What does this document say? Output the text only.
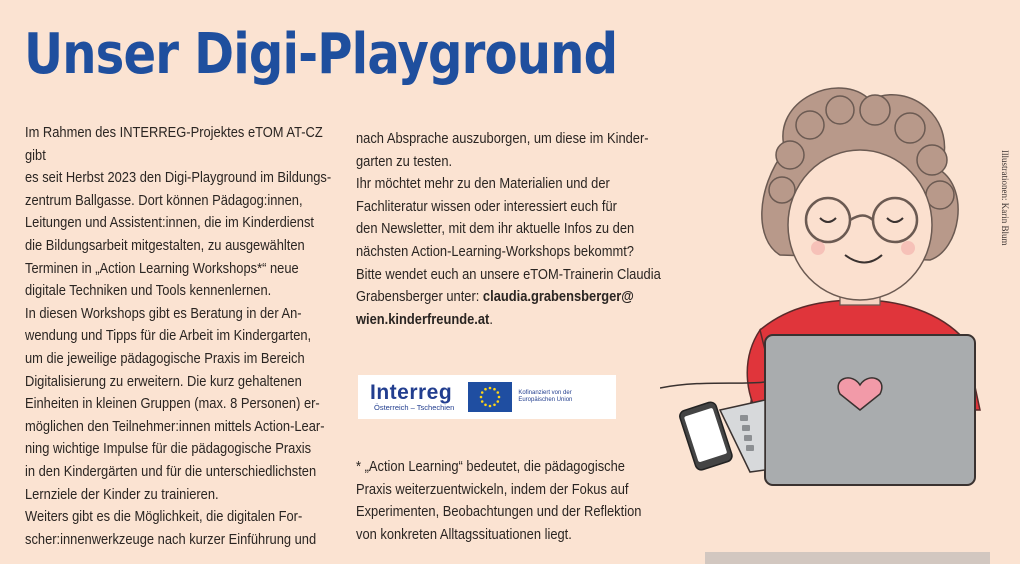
Unser Digi-Playground

Im Rahmen des INTERREG-Projektes eTOM AT-CZ gibt

es seit Herbst 2023 den Digi-Playground im Bildungs-

zentrum Ballgasse. Dort können Pädagog:innen,

Leitungen und Assistent:innen, die im Kinderdienst

die Bildungsarbeit mitgestalten, zu ausgewählten

Terminen in „Action Learning Workshops*“ neue

digitale Techniken und Tools kennenlernen.

In diesen Workshops gibt es Beratung in der An-

wendung und Tipps für die Arbeit im Kindergarten,

um die jeweilige pädagogische Praxis im Bereich

Digitalisierung zu erweitern. Die kurz gehaltenen

Einheiten in kleinen Gruppen (max. 8 Personen) er-

möglichen den Teilnehmer:innen mittels Action-Lear-

ning wichtige Impulse für die pädagogische Praxis

in den Kindergärten und für die unterschiedlichsten

Lernziele der Kinder zu trainieren.

Weiters gibt es die Möglichkeit, die digitalen For-

scher:innenwerkzeuge nach kurzer Einführung und

nach Absprache auszuborgen, um diese im Kinder-

garten zu testen.

Ihr möchtet mehr zu den Materialien und der

Fachliteratur wissen oder interessiert euch für

den Newsletter, mit dem ihr aktuelle Infos zu den

nächsten Action-Learning-Workshops bekommt?

Bitte wendet euch an unsere eTOM-Trainerin Claudia

Grabensberger unter: claudia.grabensberger@

wien.kinderfreunde.at.

Interreg
Österreich – Tschechien
Kofinanziert von der Europäischen Union

* „Action Learning“ bedeutet, die pädagogische

Praxis weiterzuentwickeln, indem der Fokus auf

Experimenten, Beobachtungen und der Reflektion

von konkreten Alltagssituationen liegt.

Illustrationen: Karin Blum
